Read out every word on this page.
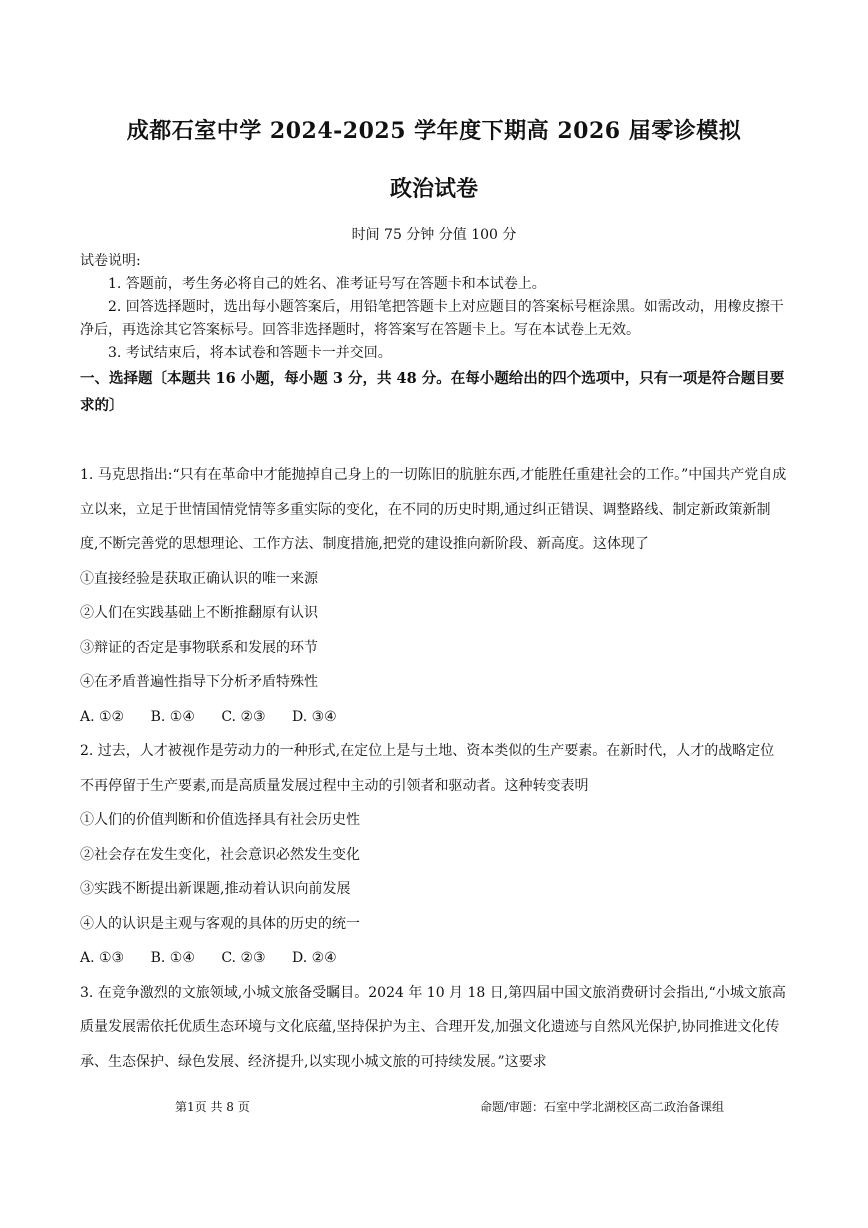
成都石室中学 2024-2025 学年度下期高 2026 届零诊模拟
政治试卷
时间 75 分钟 分值 100 分

试卷说明:

1. 答题前，考生务必将自己的姓名、准考证号写在答题卡和本试卷上。

2. 回答选择题时，选出每小题答案后，用铅笔把答题卡上对应题目的答案标号框涂黑。如需改动，用橡皮擦干净后，再选涂其它答案标号。回答非选择题时，将答案写在答题卡上。写在本试卷上无效。

3. 考试结束后，将本试卷和答题卡一并交回。

一、选择题〔本题共 16 小题，每小题 3 分，共 48 分。在每小题给出的四个选项中，只有一项是符合题目要求的〕

1. 马克思指出:“只有在革命中才能抛掉自己身上的一切陈旧的肮脏东西,才能胜任重建社会的工作。”中国共产党自成立以来，立足于世情国情党情等多重实际的变化，在不同的历史时期,通过纠正错误、调整路线、制定新政策新制度,不断完善党的思想理论、工作方法、制度措施,把党的建设推向新阶段、新高度。这体现了

①直接经验是获取正确认识的唯一来源

②人们在实践基础上不断推翻原有认识

③辩证的否定是事物联系和发展的环节

④在矛盾普遍性指导下分析矛盾特殊性

A. ①② B. ①④ C. ②③ D. ③④

2. 过去，人才被视作是劳动力的一种形式,在定位上是与土地、资本类似的生产要素。在新时代，人才的战略定位不再停留于生产要素,而是高质量发展过程中主动的引领者和驱动者。这种转变表明

①人们的价值判断和价值选择具有社会历史性

②社会存在发生变化，社会意识必然发生变化

③实践不断提出新课题,推动着认识向前发展

④人的认识是主观与客观的具体的历史的统一

A. ①③ B. ①④ C. ②③ D. ②④

3. 在竞争激烈的文旅领域,小城文旅备受瞩目。2024 年 10 月 18 日,第四届中国文旅消费研讨会指出,“小城文旅高质量发展需依托优质生态环境与文化底蕴,坚持保护为主、合理开发,加强文化遗迹与自然风光保护,协同推进文化传承、生态保护、绿色发展、经济提升,以实现小城文旅的可持续发展。”这要求

第1页 共 8 页	命题/审题：石室中学北湖校区高二政治备课组
